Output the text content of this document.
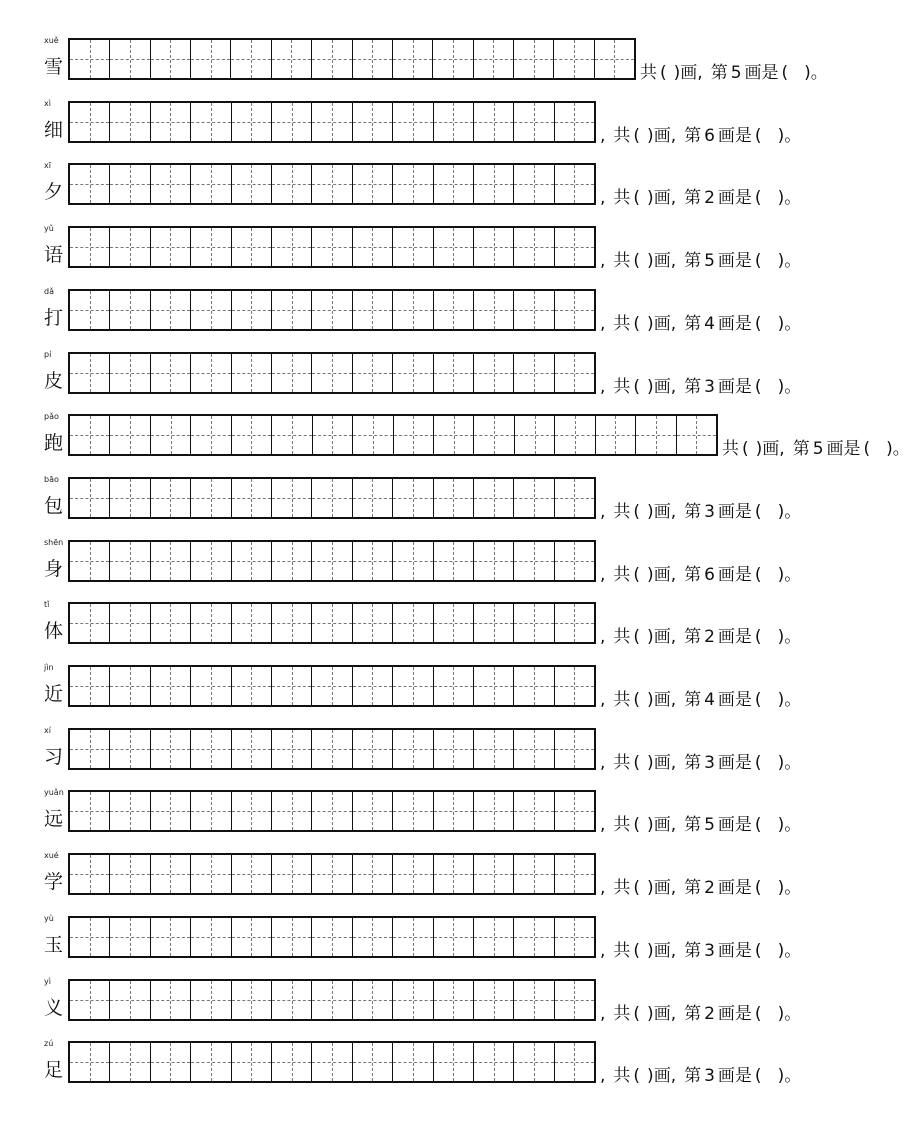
xuě
雪	共 ( )画, 第 5 画是 ( )。
xì
细	, 共 ( )画, 第 6 画是 ( )。
xī
夕	, 共 ( )画, 第 2 画是 ( )。
yǔ
语	, 共 ( )画, 第 5 画是 ( )。
dǎ
打	, 共 ( )画, 第 4 画是 ( )。
pí
皮	, 共 ( )画, 第 3 画是 ( )。
pǎo
跑	共 ( )画, 第 5 画是 ( )。
bāo
包	, 共 ( )画, 第 3 画是 ( )。
shēn
身	, 共 ( )画, 第 6 画是 ( )。
tǐ
体	, 共 ( )画, 第 2 画是 ( )。
jìn
近	, 共 ( )画, 第 4 画是 ( )。
xí
习	, 共 ( )画, 第 3 画是 ( )。
yuǎn
远	, 共 ( )画, 第 5 画是 ( )。
xué
学	, 共 ( )画, 第 2 画是 ( )。
yù
玉	, 共 ( )画, 第 3 画是 ( )。
yì
义	, 共 ( )画, 第 2 画是 ( )。
zú
足	, 共 ( )画, 第 3 画是 ( )。
